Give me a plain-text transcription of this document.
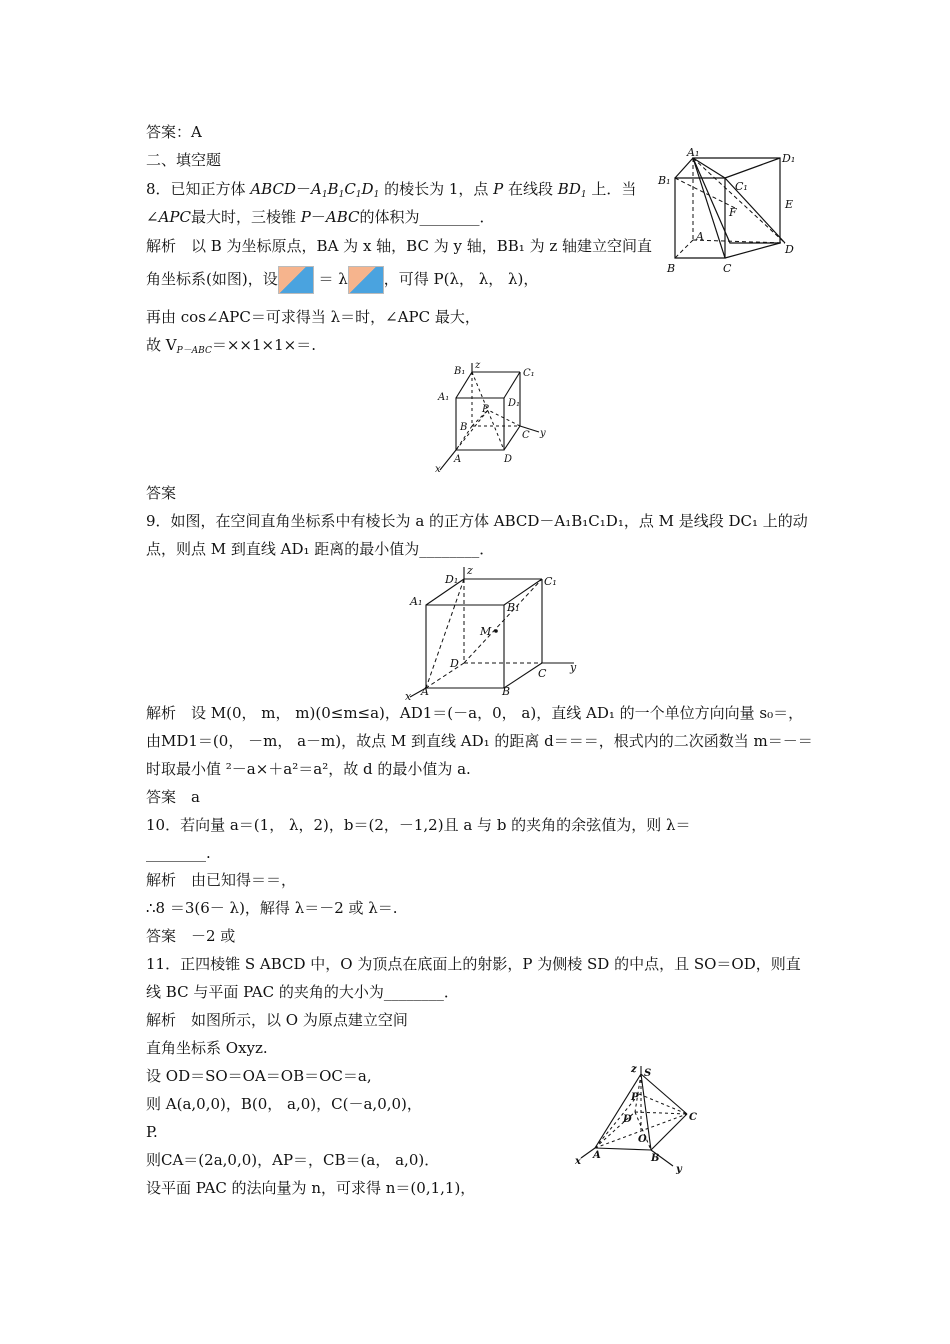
答案：A
二、填空题
8．已知正方体 $ABCD-A_1B_1C_1D_1$ 的棱长为 1，点 P 在线段 $BD_1$ 上．当
∠APC最大时，三棱锥 P－ABC的体积为________．
解析　以 B 为坐标原点，BA 为 x 轴，BC 为 y 轴，BB₁ 为 z 轴建立空间直
角坐标系(如图)，设 ＝ λ ，可得 P(λ， λ， λ)，
再由 cos∠APC＝可求得当 λ＝时，∠APC 最大，
故 $V_{P-ABC}=\times\times 1\times 1\times=$.
答案
9．如图，在空间直角坐标系中有棱长为 a 的正方体 ABCD－A₁B₁C₁D₁，点 M 是线段 DC₁ 上的动
点，则点 M 到直线 AD₁ 距离的最小值为________．
解析　设 M(0， m， m)(0≤m≤a)，AD1＝(－a，0， a)，直线 AD₁ 的一个单位方向向量 s₀＝，
由MD1＝(0， －m， a－m)，故点 M 到直线 AD₁ 的距离 d＝＝＝，根式内的二次函数当 m＝－＝
时取最小值 ²－a×＋a²＝a²，故 d 的最小值为 a.
答案　a
10．若向量 a＝(1， λ，2)，b＝(2，－1,2)且 a 与 b 的夹角的余弦值为，则 λ＝
________.
解析　由已知得＝＝，
∴8 ＝3(6－ λ)，解得 λ＝－2 或 λ＝.
答案　－2 或
11．正四棱锥 S ABCD 中，O 为顶点在底面上的射影，P 为侧棱 SD 的中点，且 SO＝OD，则直
线 BC 与平面 PAC 的夹角的大小为________．
解析　如图所示，以 O 为原点建立空间
直角坐标系 Oxyz.
设 OD＝SO＝OA＝OB＝OC＝a,
则 A(a,0,0)，B(0， a,0)，C(－a,0,0)，
P.
则CA＝(2a,0,0)，AP＝，CB＝(a， a,0)．
设平面 PAC 的法向量为 n，可求得 n＝(0,1,1)，
A₁	D₁
B₁	C₁
F
E
A
D
B	C
z
B₁	C₁
A₁
P
D₁
B
C y
A	D
x
z
D₁	C₁
A₁	B₁
M
D
C y
A	B
x
z S
P
C
D
O
A	B
x
y
